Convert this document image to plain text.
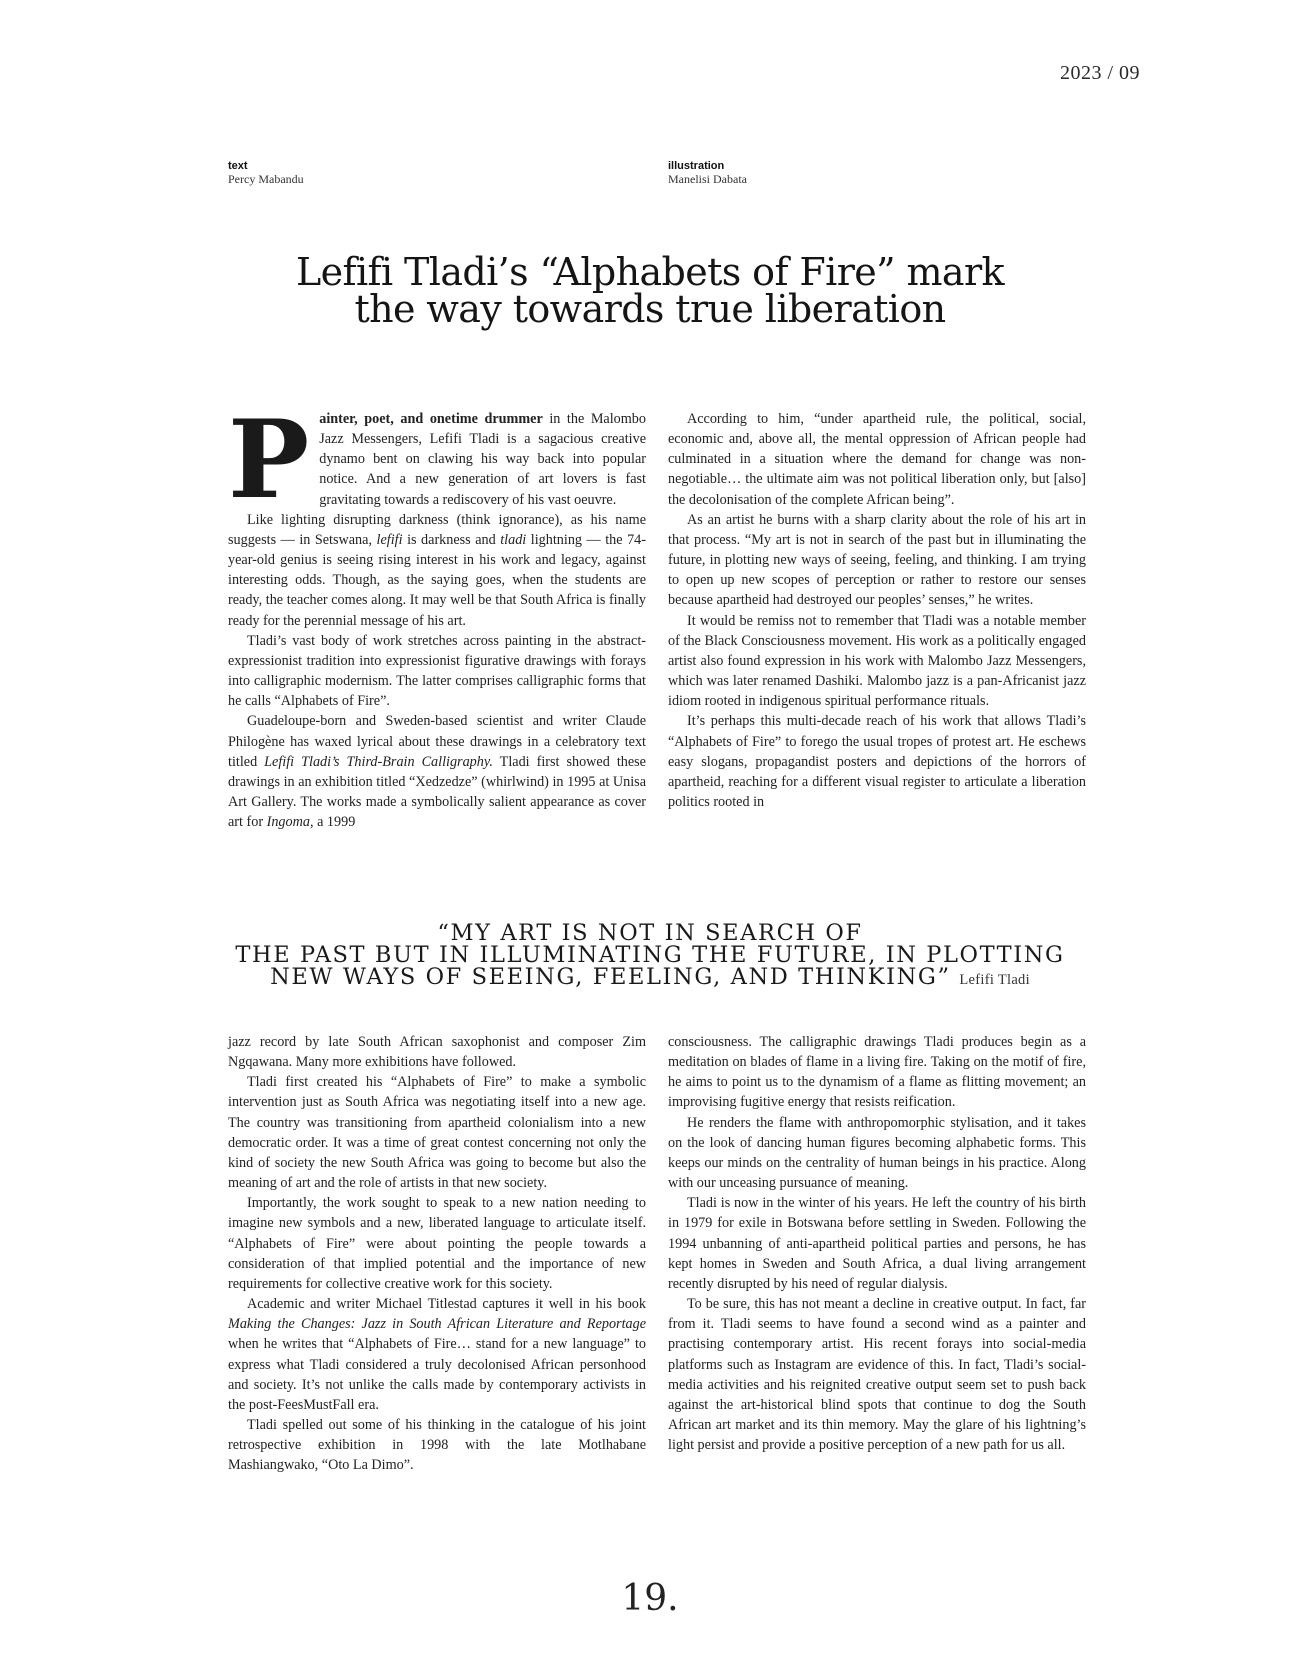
2023 / 09
text
Percy Mabandu
illustration
Manelisi Dabata
Lefifi Tladi’s “Alphabets of Fire” mark
the way towards true liberation

Painter, poet, and onetime drummer in the Malombo Jazz Messengers, Lefifi Tladi is a sagacious creative dynamo bent on clawing his way back into popular notice. And a new generation of art lovers is fast gravitating towards a rediscovery of his vast oeuvre.

Like lighting disrupting darkness (think ignorance), as his name suggests — in Setswana, lefifi is darkness and tladi lightning — the 74-year-old genius is seeing rising interest in his work and legacy, against interesting odds. Though, as the saying goes, when the students are ready, the teacher comes along. It may well be that South Africa is finally ready for the perennial message of his art.

Tladi’s vast body of work stretches across painting in the abstract-expressionist tradition into expressionist figurative drawings with forays into calligraphic modernism. The latter comprises calligraphic forms that he calls “Alphabets of Fire”.

Guadeloupe-born and Sweden-based scientist and writer Claude Philogène has waxed lyrical about these drawings in a celebratory text titled Lefifi Tladi’s Third-Brain Calligraphy. Tladi first showed these drawings in an exhibition titled “Xedzedze” (whirlwind) in 1995 at Unisa Art Gallery. The works made a symbolically salient appearance as cover art for Ingoma, a 1999

According to him, “under apartheid rule, the political, social, economic and, above all, the mental oppression of African people had culminated in a situation where the demand for change was non-negotiable… the ultimate aim was not political liberation only, but [also] the decolonisation of the complete African being”.

As an artist he burns with a sharp clarity about the role of his art in that process. “My art is not in search of the past but in illuminating the future, in plotting new ways of seeing, feeling, and thinking. I am trying to open up new scopes of perception or rather to restore our senses because apartheid had destroyed our peoples’ senses,” he writes.

It would be remiss not to remember that Tladi was a notable member of the Black Consciousness movement. His work as a politically engaged artist also found expression in his work with Malombo Jazz Messengers, which was later renamed Dashiki. Malombo jazz is a pan-Africanist jazz idiom rooted in indigenous spiritual performance rituals.

It’s perhaps this multi-decade reach of his work that allows Tladi’s “Alphabets of Fire” to forego the usual tropes of protest art. He eschews easy slogans, propagandist posters and depictions of the horrors of apartheid, reaching for a different visual register to articulate a liberation politics rooted in

“MY ART IS NOT IN SEARCH OF
THE PAST BUT IN ILLUMINATING THE FUTURE, IN PLOTTING
NEW WAYS OF SEEING, FEELING, AND THINKING” Lefifi Tladi

jazz record by late South African saxophonist and composer Zim Ngqawana. Many more exhibitions have followed.

Tladi first created his “Alphabets of Fire” to make a symbolic intervention just as South Africa was negotiating itself into a new age. The country was transitioning from apartheid colonialism into a new democratic order. It was a time of great contest concerning not only the kind of society the new South Africa was going to become but also the meaning of art and the role of artists in that new society.

Importantly, the work sought to speak to a new nation needing to imagine new symbols and a new, liberated language to articulate itself. “Alphabets of Fire” were about pointing the people towards a consideration of that implied potential and the importance of new requirements for collective creative work for this society.

Academic and writer Michael Titlestad captures it well in his book Making the Changes: Jazz in South African Literature and Reportage when he writes that “Alphabets of Fire… stand for a new language” to express what Tladi considered a truly decolonised African personhood and society. It’s not unlike the calls made by contemporary activists in the post-FeesMustFall era.

Tladi spelled out some of his thinking in the catalogue of his joint retrospective exhibition in 1998 with the late Motlhabane Mashiangwako, “Oto La Dimo”.

consciousness. The calligraphic drawings Tladi produces begin as a meditation on blades of flame in a living fire. Taking on the motif of fire, he aims to point us to the dynamism of a flame as flitting movement; an improvising fugitive energy that resists reification.

He renders the flame with anthropomorphic stylisation, and it takes on the look of dancing human figures becoming alphabetic forms. This keeps our minds on the centrality of human beings in his practice. Along with our unceasing pursuance of meaning.

Tladi is now in the winter of his years. He left the country of his birth in 1979 for exile in Botswana before settling in Sweden. Following the 1994 unbanning of anti-apartheid political parties and persons, he has kept homes in Sweden and South Africa, a dual living arrangement recently disrupted by his need of regular dialysis.

To be sure, this has not meant a decline in creative output. In fact, far from it. Tladi seems to have found a second wind as a painter and practising contemporary artist. His recent forays into social-media platforms such as Instagram are evidence of this. In fact, Tladi’s social-media activities and his reignited creative output seem set to push back against the art-historical blind spots that continue to dog the South African art market and its thin memory. May the glare of his lightning’s light persist and provide a positive perception of a new path for us all.

19.
